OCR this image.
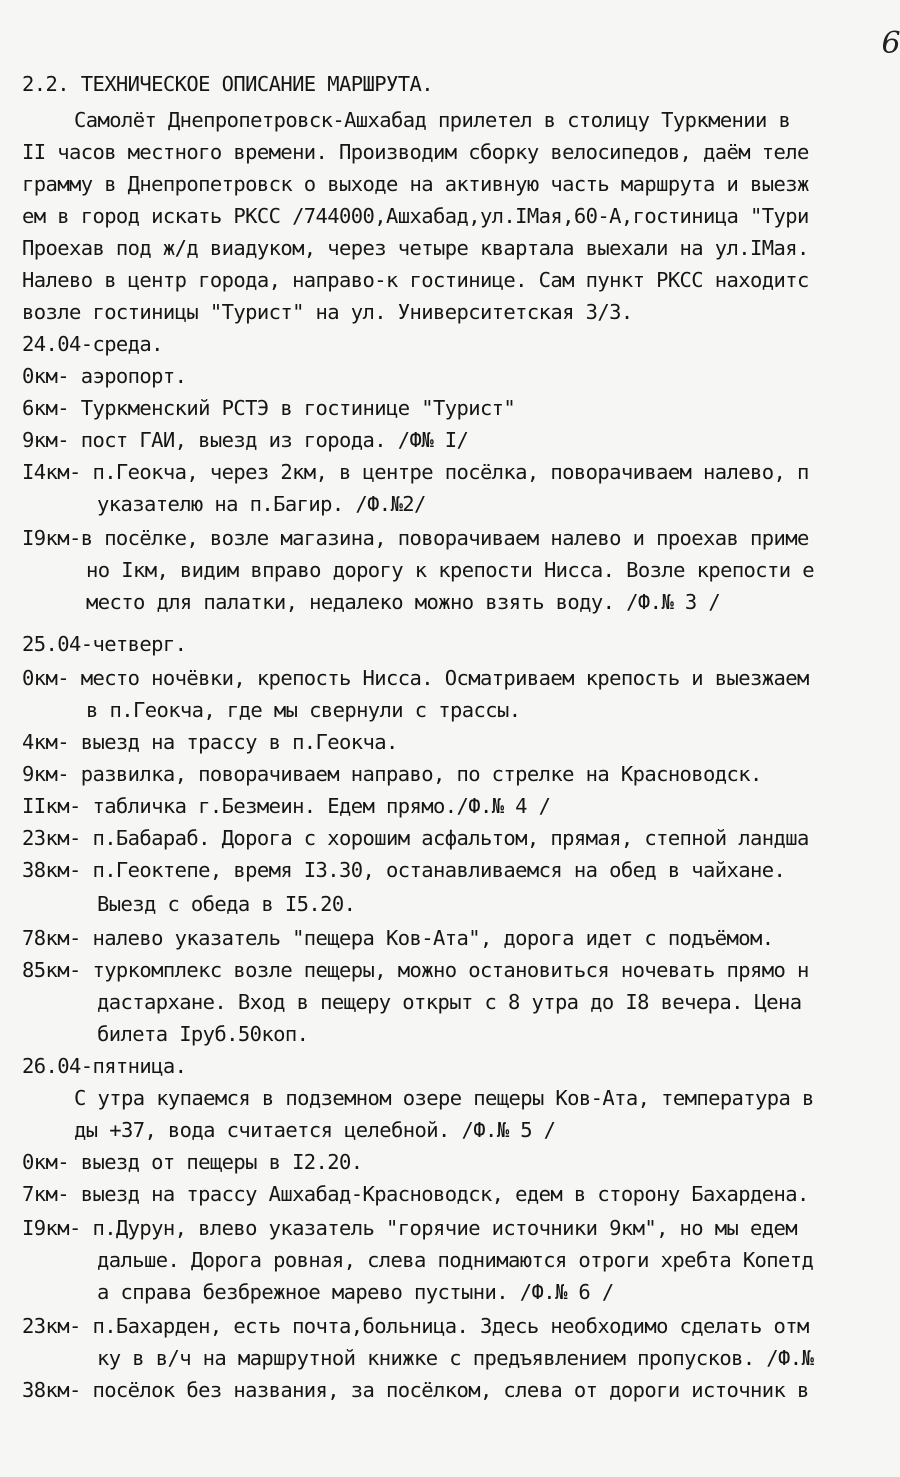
6
2.2. ТЕХНИЧЕСКОЕ ОПИСАНИЕ МАРШРУТА.
Самолёт Днепропетровск-Ашхабад прилетел в столицу Туркмении в
II часов местного времени. Производим сборку велосипедов, даём теле
грамму в Днепропетровск о выходе на активную часть маршрута и выезж
ем в город искать РКСС /744000,Ашхабад,ул.IМая,60-А,гостиница "Тури
Проехав под ж/д виадуком, через четыре квартала выехали на ул.IМая.
Налево в центр города, направо-к гостинице. Сам пункт РКСС находитс
возле гостиницы "Турист" на ул. Университетская 3/3.
24.04-среда.
0км- аэропорт.
6км- Туркменский РСТЭ в гостинице "Турист"
9км- пост ГАИ, выезд из города. /Ф№ I/
I4км- п.Геокча, через 2км, в центре посёлка, поворачиваем налево, п
указателю на п.Багир. /Ф.№2/
I9км-в посёлке, возле магазина, поворачиваем налево и проехав приме
но Iкм, видим вправо дорогу к крепости Нисса. Возле крепости е
место для палатки, недалеко можно взять воду. /Ф.№ 3 /
25.04-четверг.
0км- место ночёвки, крепость Нисса. Осматриваем крепость и выезжаем
в п.Геокча, где мы свернули с трассы.
4км- выезд на трассу в п.Геокча.
9км- развилка, поворачиваем направо, по стрелке на Красноводск.
IIкм- табличка г.Безмеин. Едем прямо./Ф.№ 4 /
23км- п.Бабараб. Дорога с хорошим асфальтом, прямая, степной ландша
38км- п.Геоктепе, время I3.30, останавливаемся на обед в чайхане.
Выезд с обеда в I5.20.
78км- налево указатель "пещера Ков-Ата", дорога идет с подъёмом.
85км- туркомплекс возле пещеры, можно остановиться ночевать прямо н
дастархане. Вход в пещеру открыт с 8 утра до I8 вечера. Цена
билета Iруб.50коп.
26.04-пятница.
С утра купаемся в подземном озере пещеры Ков-Ата, температура в
ды +37, вода считается целебной. /Ф.№ 5 /
0км- выезд от пещеры в I2.20.
7км- выезд на трассу Ашхабад-Красноводск, едем в сторону Бахардена.
I9км- п.Дурун, влево указатель "горячие источники 9км", но мы едем
дальше. Дорога ровная, слева поднимаются отроги хребта Копетд
а справа безбрежное марево пустыни. /Ф.№ 6 /
23км- п.Бахарден, есть почта,больница. Здесь необходимо сделать отм
ку в в/ч на маршрутной книжке с предъявлением пропусков. /Ф.№
38км- посёлок без названия, за посёлком, слева от дороги источник в
